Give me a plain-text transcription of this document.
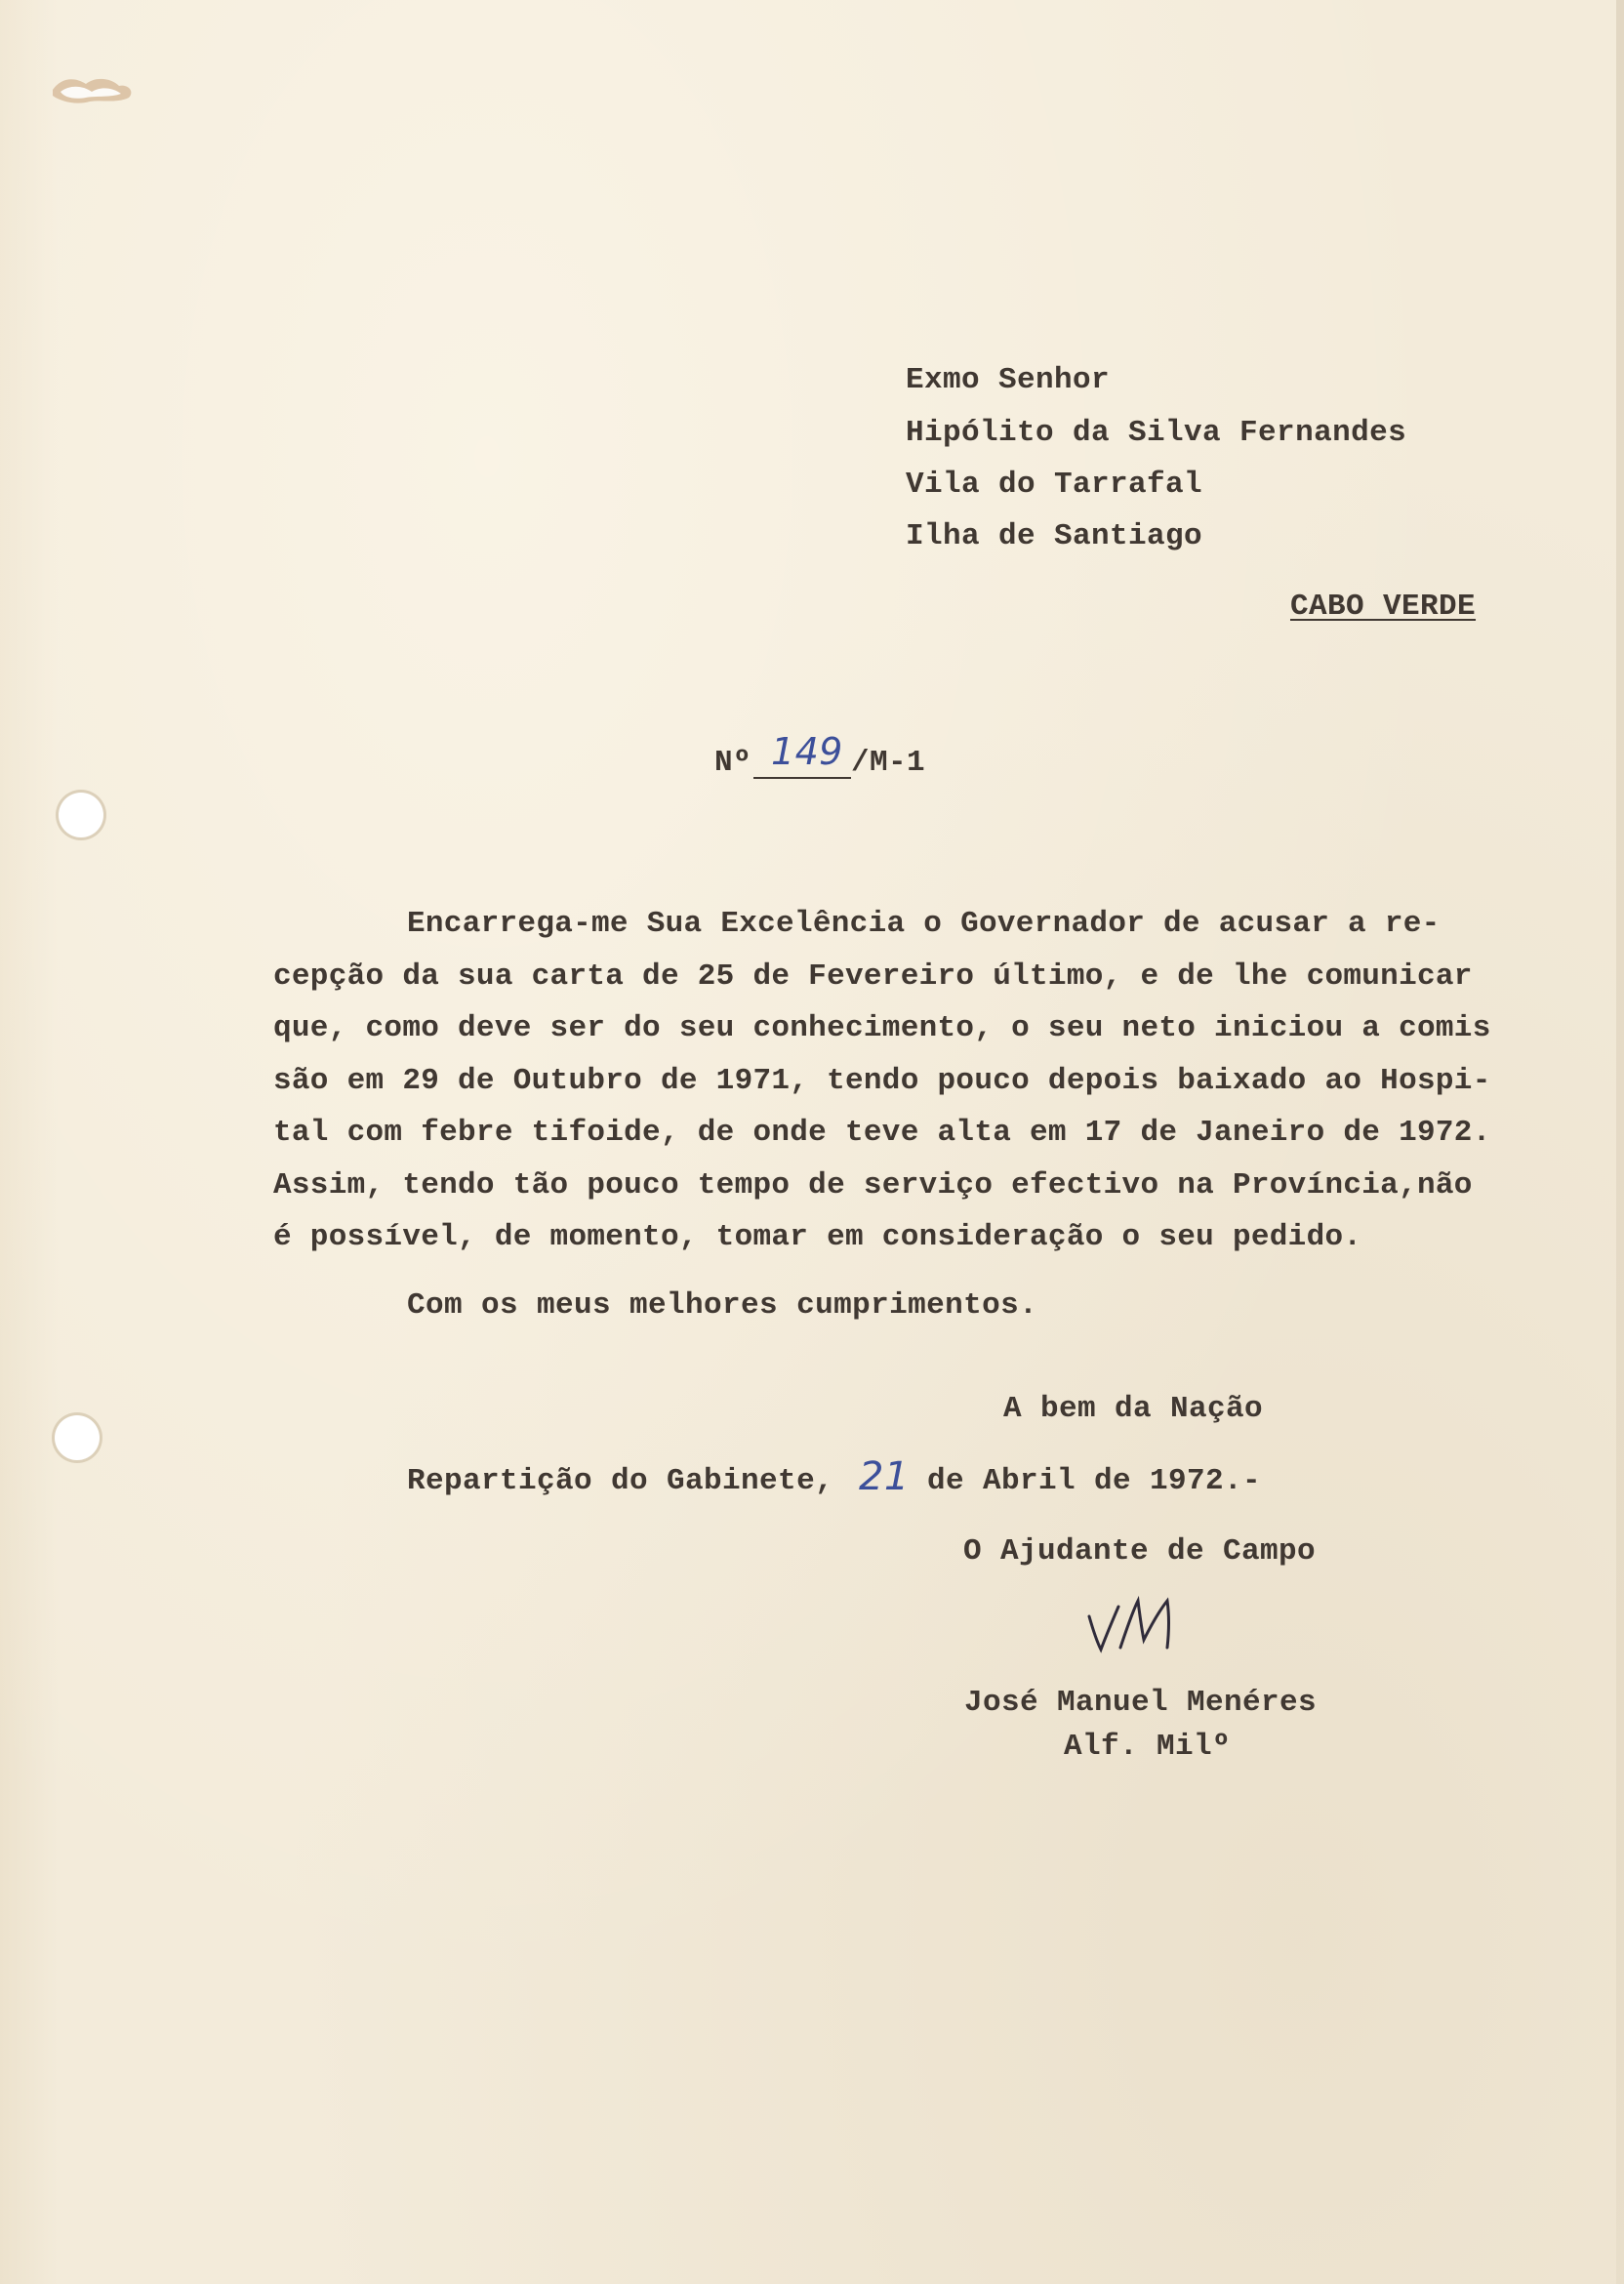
Exmo Senhor

Hipólito da Silva Fernandes

Vila do Tarrafal

Ilha de Santiago

CABO VERDE

Nº 149 /M-1

Encarrega-me Sua Excelência o Governador de acusar a re-
cepção da sua carta de 25 de Fevereiro último, e de lhe comunicar
que, como deve ser do seu conhecimento, o seu neto iniciou a comis
são em 29 de Outubro de 1971, tendo pouco depois baixado ao Hospi-
tal com febre tifoide, de onde teve alta em 17 de Janeiro de 1972.
Assim, tendo tão pouco tempo de serviço efectivo na Província,não
é possível, de momento, tomar em consideração o seu pedido.

Com os meus melhores cumprimentos.

A bem da Nação

Repartição do Gabinete, 21 de Abril de 1972.-

O Ajudante de Campo

José Manuel Menéres

Alf. Milº
